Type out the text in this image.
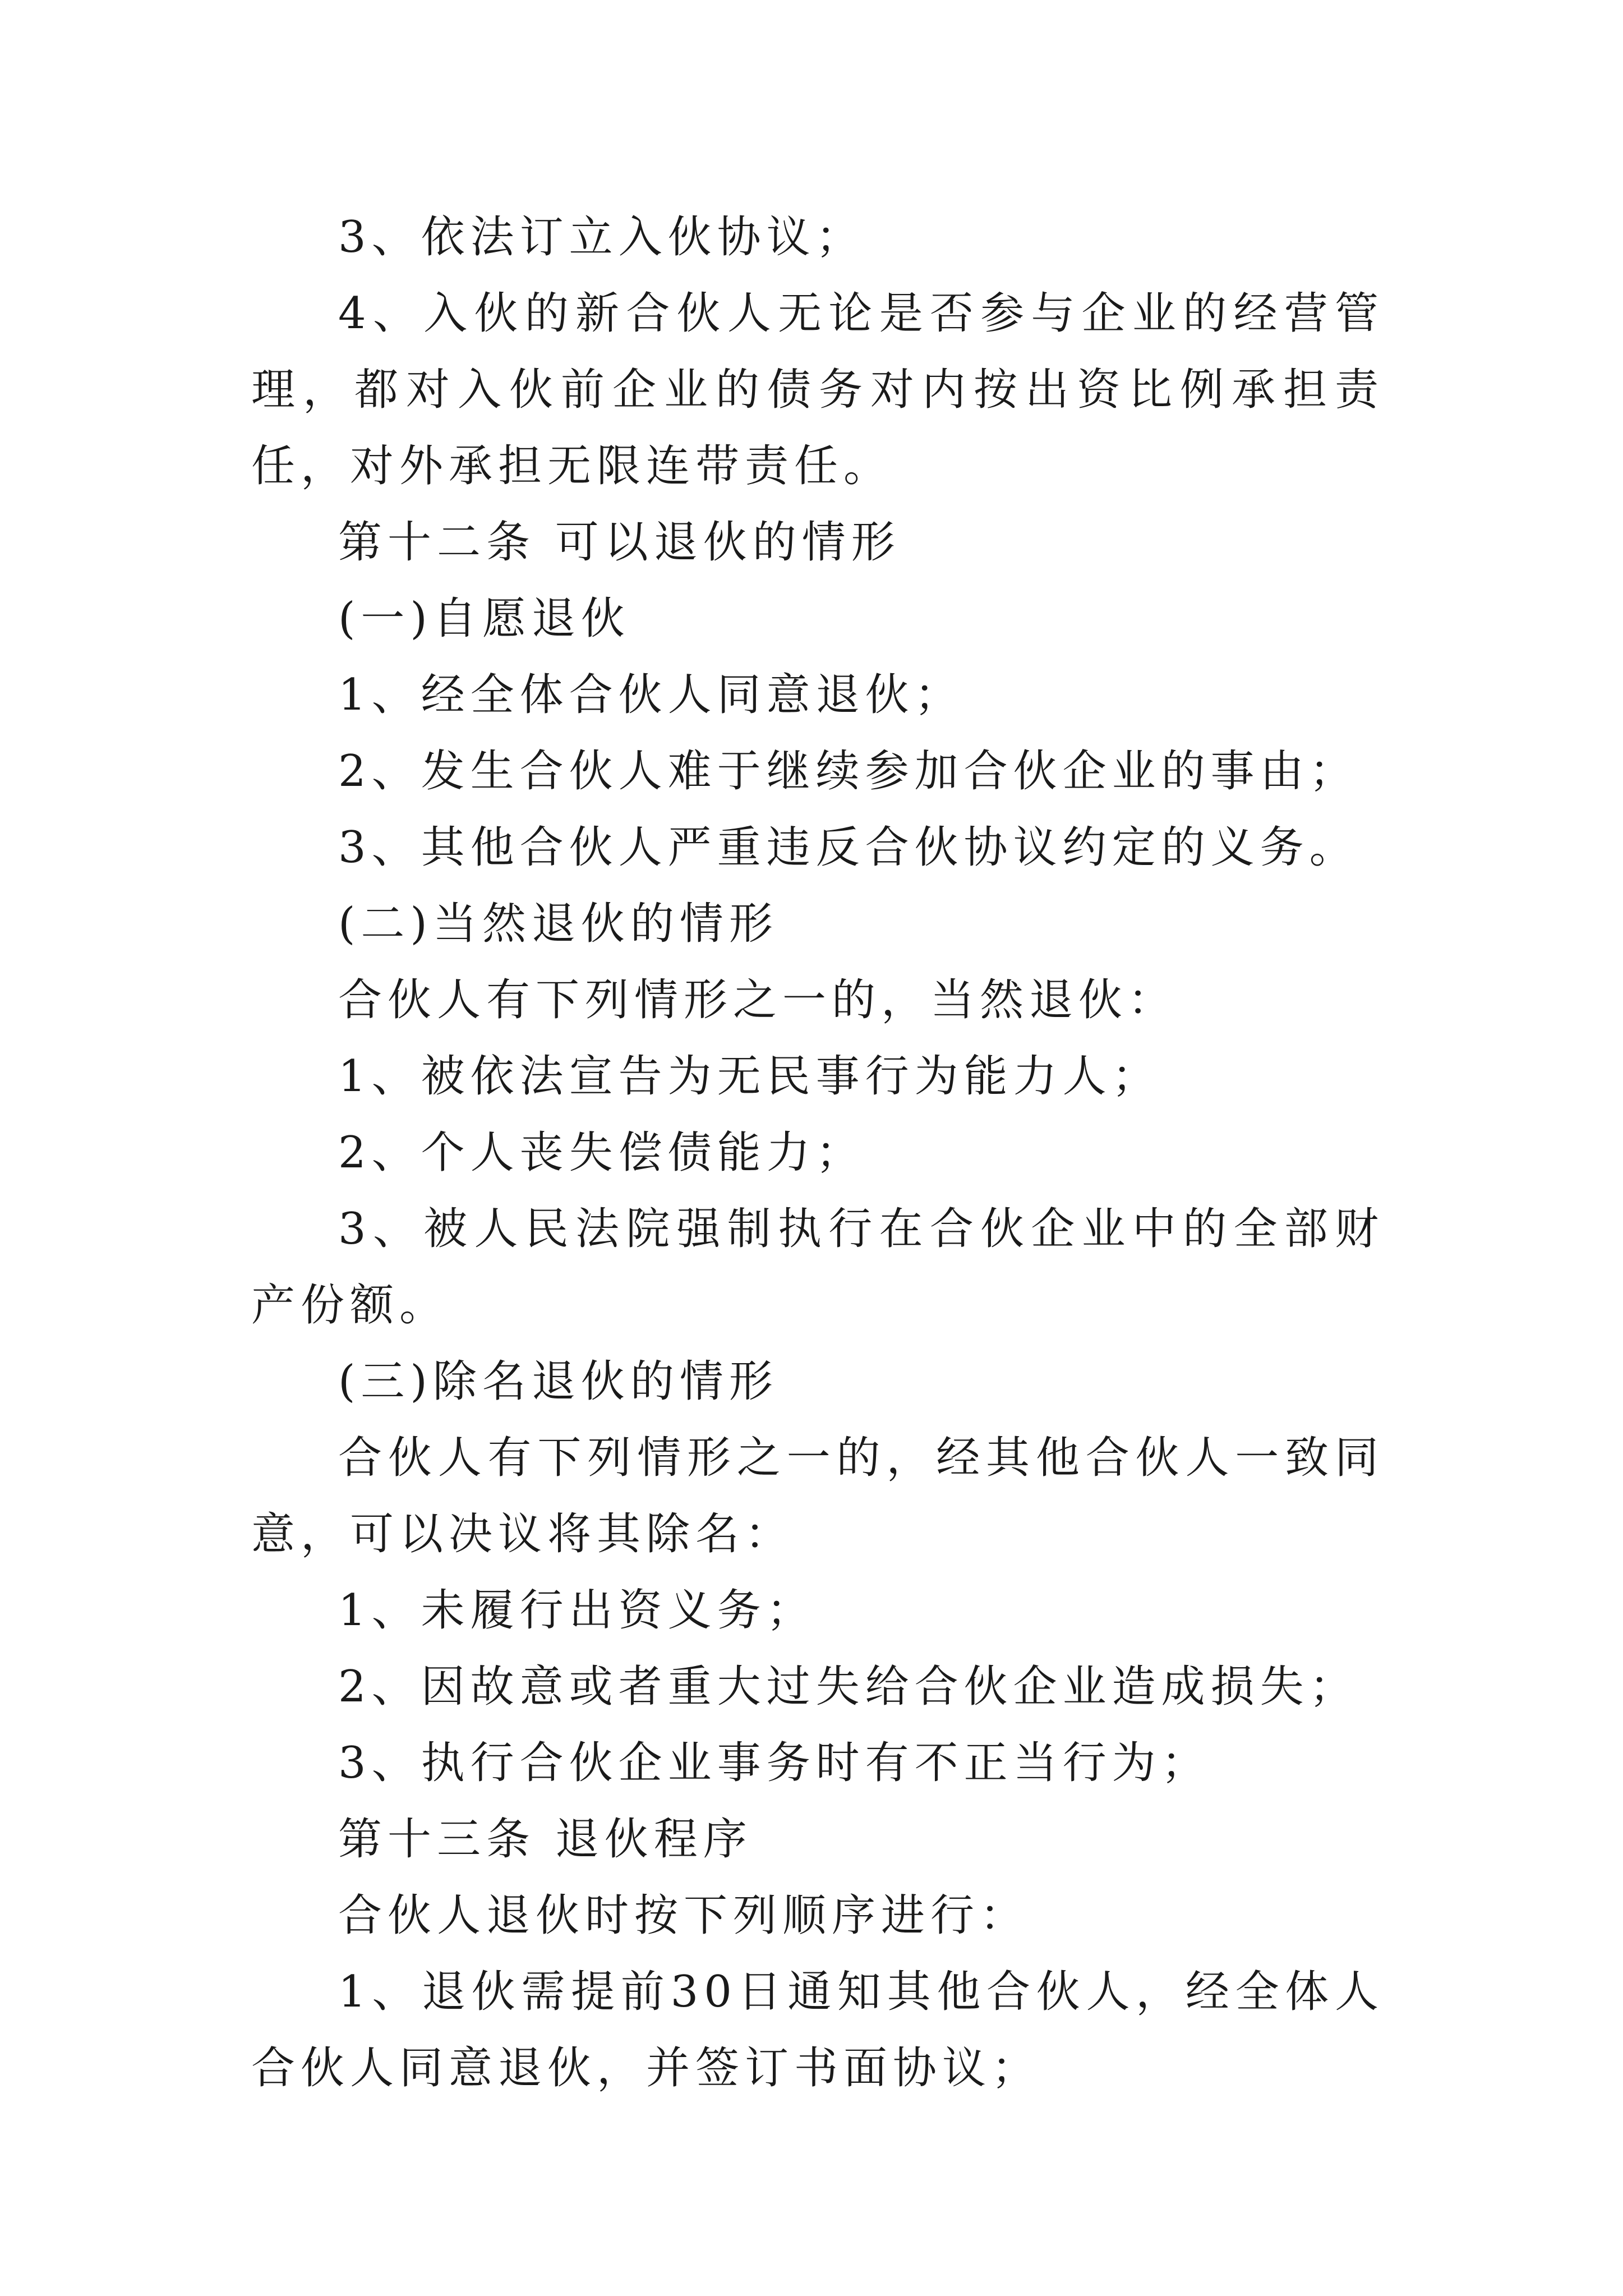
3、依法订立入伙协议；

4、入伙的新合伙人无论是否参与企业的经营管理，都对入伙前企业的债务对内按出资比例承担责任，对外承担无限连带责任。

第十二条 可以退伙的情形

(一)自愿退伙

1、经全体合伙人同意退伙；

2、发生合伙人难于继续参加合伙企业的事由；

3、其他合伙人严重违反合伙协议约定的义务。

(二)当然退伙的情形

合伙人有下列情形之一的，当然退伙：

1、被依法宣告为无民事行为能力人；

2、个人丧失偿债能力；

3、被人民法院强制执行在合伙企业中的全部财产份额。

(三)除名退伙的情形

合伙人有下列情形之一的，经其他合伙人一致同意，可以决议将其除名：

1、未履行出资义务；

2、因故意或者重大过失给合伙企业造成损失；

3、执行合伙企业事务时有不正当行为；

第十三条 退伙程序

合伙人退伙时按下列顺序进行：

1、退伙需提前30日通知其他合伙人，经全体人合伙人同意退伙，并签订书面协议；
